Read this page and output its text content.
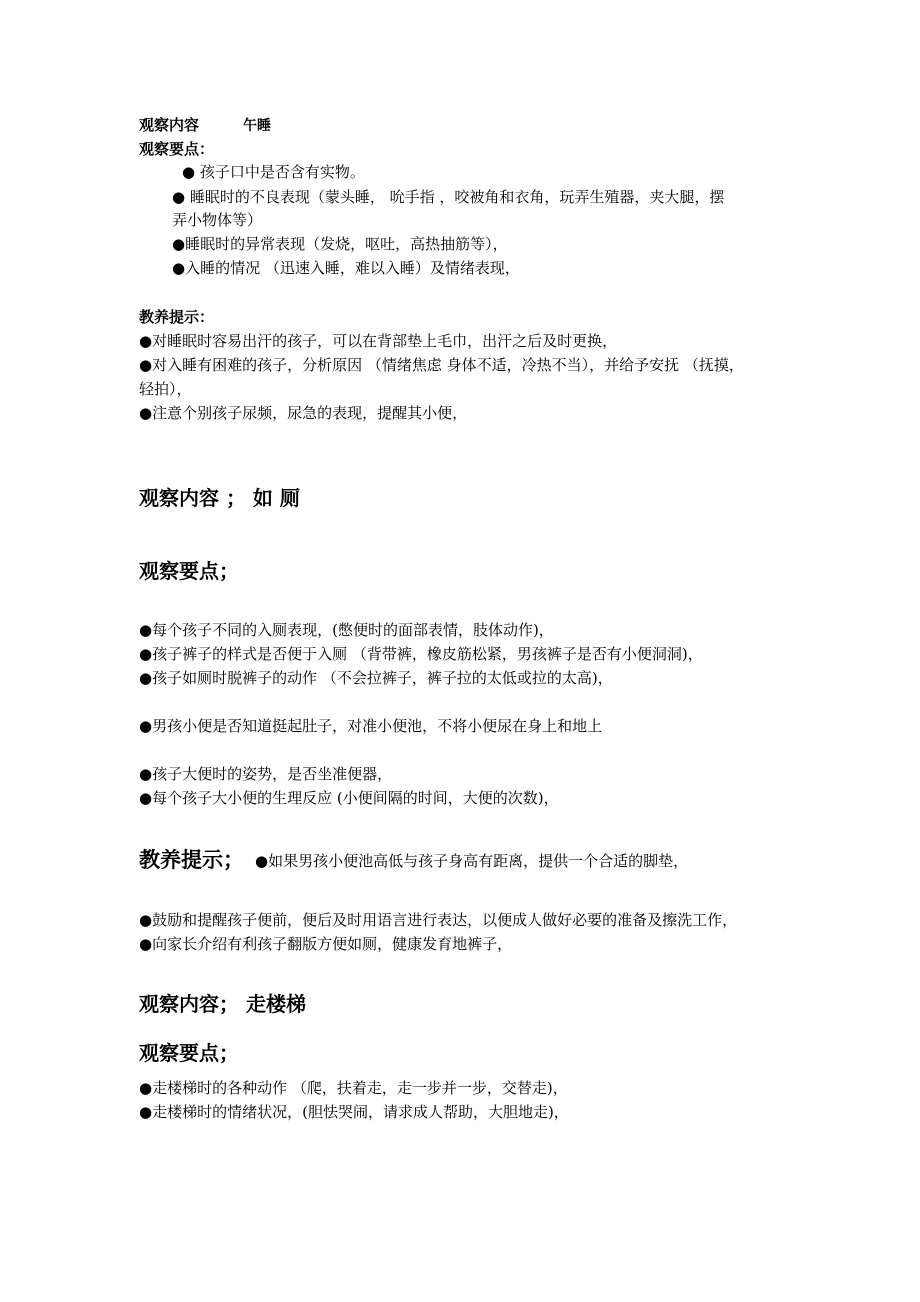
观察内容	午睡
观察要点：
● 孩子口中是否含有实物。
● 睡眠时的不良表现（蒙头睡， 吮手指 ，咬被角和衣角，玩弄生殖器，夹大腿，摆
弄小物体等）
●睡眠时的异常表现（发烧，呕吐，高热抽筋等），
●入睡的情况 （迅速入睡，难以入睡）及情绪表现，
教养提示：
●对睡眠时容易出汗的孩子，可以在背部垫上毛巾，出汗之后及时更换，
●对入睡有困难的孩子，分析原因 （情绪焦虑 身体不适，冷热不当），并给予安抚 （抚摸，
轻拍），
●注意个别孩子尿频，尿急的表现，提醒其小便，
观察内容 ； 如 厕
观察要点；
●每个孩子不同的入厕表现，(憋便时的面部表情，肢体动作)，
●孩子裤子的样式是否便于入厕 （背带裤，橡皮筋松紧，男孩裤子是否有小便洞洞)，
●孩子如厕时脱裤子的动作 （不会拉裤子，裤子拉的太低或拉的太高)，
●男孩小便是否知道挺起肚子，对准小便池，不将小便尿在身上和地上
●孩子大便时的姿势，是否坐准便器，
●每个孩子大小便的生理反应 (小便间隔的时间，大便的次数)，
教养提示； ●如果男孩小便池高低与孩子身高有距离，提供一个合适的脚垫，
●鼓励和提醒孩子便前，便后及时用语言进行表达，以便成人做好必要的准备及擦洗工作，
●向家长介绍有利孩子翻版方便如厕，健康发育地裤子，
观察内容； 走楼梯
观察要点；
●走楼梯时的各种动作 （爬，扶着走，走一步并一步，交替走)，
●走楼梯时的情绪状况，(胆怯哭闹，请求成人帮助，大胆地走)，
